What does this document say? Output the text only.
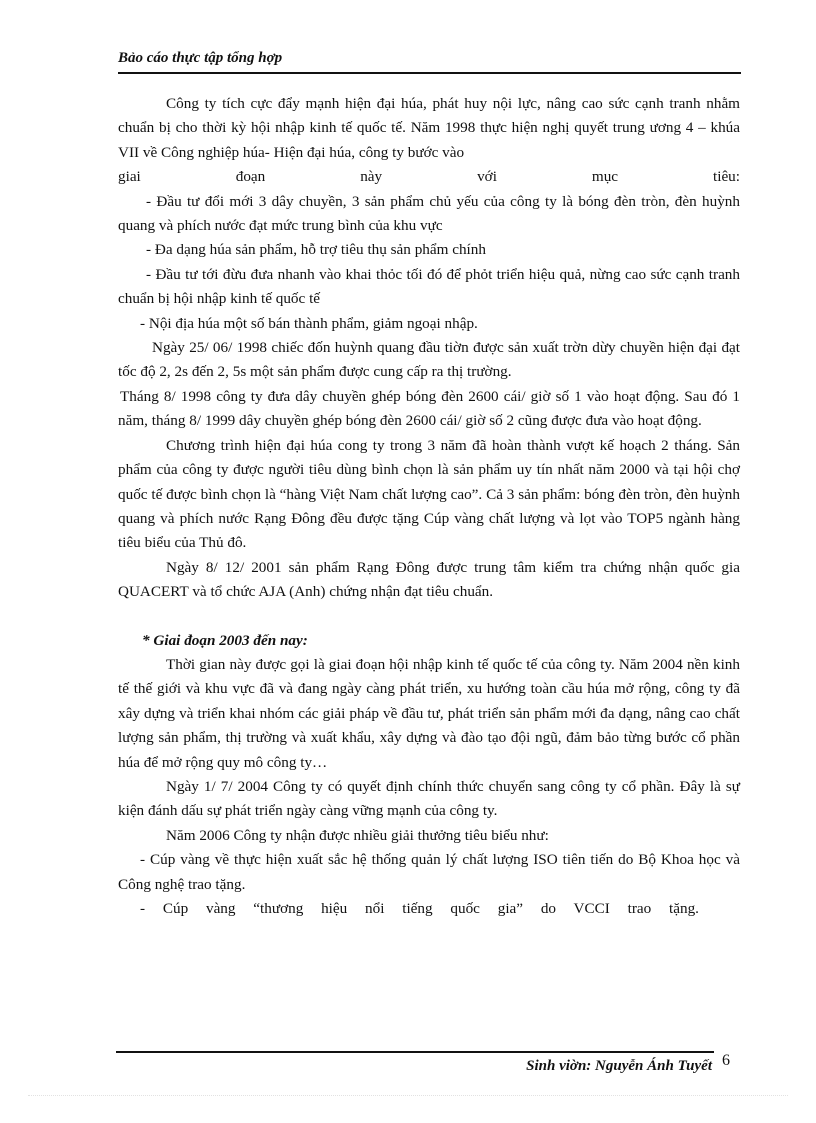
Bảo cáo thực tập tổng hợp

Công ty tích cực đẩy mạnh hiện đại húa, phát huy nội lực, nâng cao sức cạnh tranh nhằm chuẩn bị cho thời kỳ hội nhập kinh tế quốc tế. Năm 1998 thực hiện nghị quyết trung ương 4 – khúa VII về Công nghiệp húa- Hiện đại húa, công ty bước vào

giai đoạn này với mục tiêu:

- Đầu tư đổi mới 3 dây chuyền, 3 sản phẩm chủ yếu của công ty là bóng đèn tròn, đèn huỳnh quang và phích nước đạt mức trung bình của khu vực

- Đa dạng húa sản phẩm, hỗ trợ tiêu thụ sản phẩm chính

- Đầu tư tới đừu đưa nhanh vào khai thỏc tối đó để phỏt triển hiệu quả, nừng cao sức cạnh tranh chuẩn bị hội nhập kinh tế quốc tế

- Nội địa húa một số bán thành phẩm, giảm ngoại nhập.

Ngày 25/ 06/ 1998 chiếc đốn huỳnh quang đầu tiờn được sản xuất trờn dừy chuyền hiện đại đạt tốc độ 2, 2s đến 2, 5s một sản phẩm được cung cấp ra thị trường.

Tháng 8/ 1998 công ty đưa dây chuyền ghép bóng đèn 2600 cái/ giờ số 1 vào hoạt động. Sau đó 1 năm, tháng 8/ 1999 dây chuyền ghép bóng đèn 2600 cái/ giờ số 2 cũng được đưa vào hoạt động.

Chương trình hiện đại húa cong ty trong 3 năm đã hoàn thành vượt kế hoạch 2 tháng. Sản phẩm của công ty được người tiêu dùng bình chọn là sản phẩm uy tín nhất năm 2000 và tại hội chợ quốc tế được bình chọn là “hàng Việt Nam chất lượng cao”. Cả 3 sản phẩm: bóng đèn tròn, đèn huỳnh quang và phích nước Rạng Đông đều được tặng Cúp vàng chất lượng và lọt vào TOP5 ngành hàng tiêu biểu của Thủ đô.

Ngày 8/ 12/ 2001 sản phẩm Rạng Đông được trung tâm kiểm tra chứng nhận quốc gia QUACERT và tổ chức AJA (Anh) chứng nhận đạt tiêu chuẩn.

* Giai đoạn 2003 đến nay:

Thời gian này được gọi là giai đoạn hội nhập kinh tế quốc tế của công ty. Năm 2004 nền kinh tế thế giới và khu vực đã và đang ngày càng phát triển, xu hướng toàn cầu húa mở rộng, công ty đã xây dựng và triển khai nhóm các giải pháp về đầu tư, phát triển sản phẩm mới đa dạng, nâng cao chất lượng sản phẩm, thị trường và xuất khẩu, xây dựng và đào tạo đội ngũ, đảm bảo từng bước cổ phần húa để mở rộng quy mô công ty…

Ngày 1/ 7/ 2004 Công ty có quyết định chính thức chuyển sang công ty cổ phần. Đây là sự kiện đánh dấu sự phát triển ngày càng vững mạnh của công ty.

Năm 2006 Công ty nhận được nhiều giải thưởng tiêu biểu như:

- Cúp vàng về thực hiện xuất sắc hệ thống quản lý chất lượng ISO tiên tiến do Bộ Khoa học và Công nghệ trao tặng.

- Cúp vàng “thương hiệu nổi tiếng quốc gia” do VCCI trao tặng.

Sinh viờn: Nguyễn Ánh Tuyết 6
